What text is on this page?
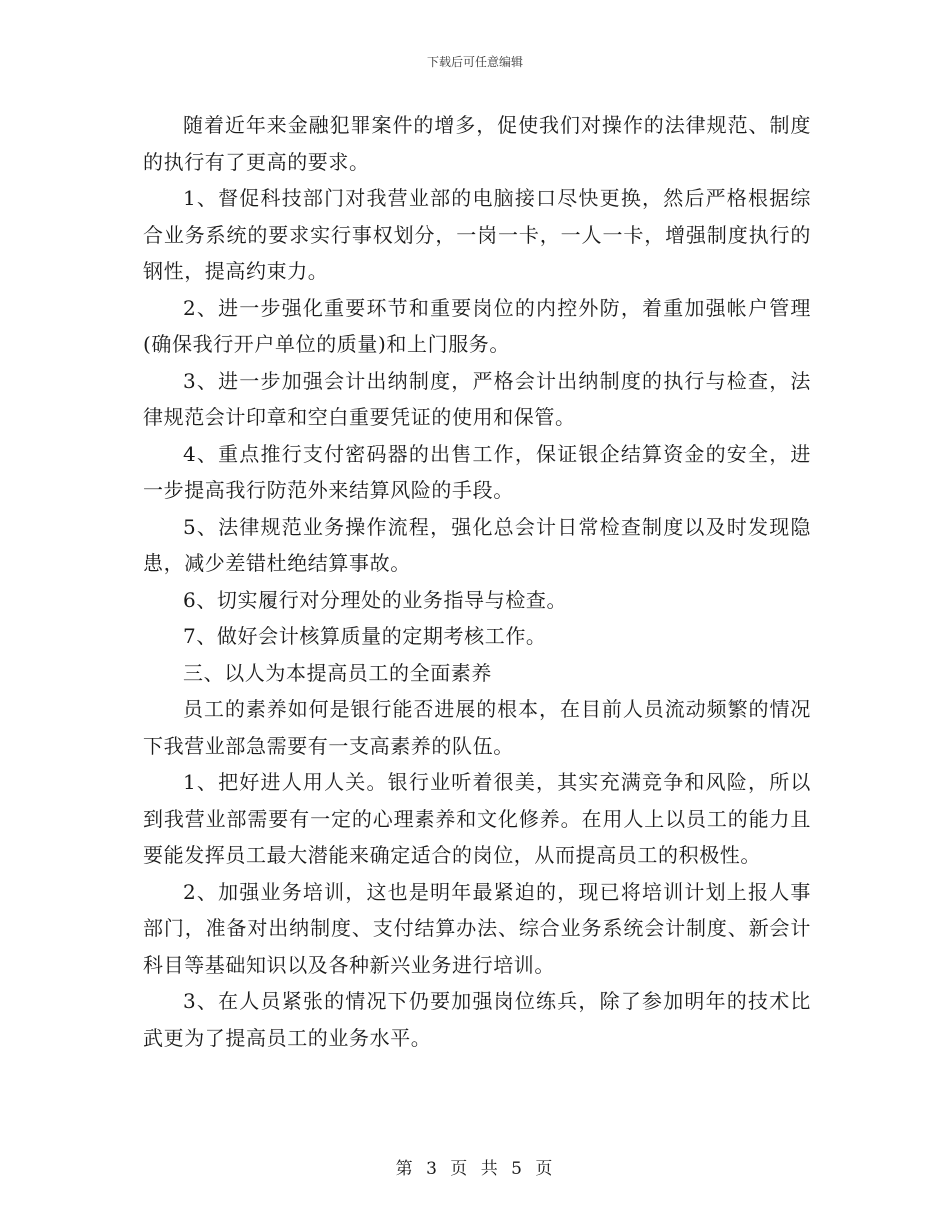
下载后可任意编辑

随着近年来金融犯罪案件的增多，促使我们对操作的法律规范、制度的执行有了更高的要求。

1、督促科技部门对我营业部的电脑接口尽快更换，然后严格根据综合业务系统的要求实行事权划分，一岗一卡，一人一卡，增强制度执行的钢性，提高约束力。

2、进一步强化重要环节和重要岗位的内控外防，着重加强帐户管理(确保我行开户单位的质量)和上门服务。

3、进一步加强会计出纳制度，严格会计出纳制度的执行与检查，法律规范会计印章和空白重要凭证的使用和保管。

4、重点推行支付密码器的出售工作，保证银企结算资金的安全，进一步提高我行防范外来结算风险的手段。

5、法律规范业务操作流程，强化总会计日常检查制度以及时发现隐患，减少差错杜绝结算事故。

6、切实履行对分理处的业务指导与检查。

7、做好会计核算质量的定期考核工作。

三、以人为本提高员工的全面素养

员工的素养如何是银行能否进展的根本，在目前人员流动频繁的情况下我营业部急需要有一支高素养的队伍。

1、把好进人用人关。银行业听着很美，其实充满竞争和风险，所以到我营业部需要有一定的心理素养和文化修养。在用人上以员工的能力且要能发挥员工最大潜能来确定适合的岗位，从而提高员工的积极性。

2、加强业务培训，这也是明年最紧迫的，现已将培训计划上报人事部门，准备对出纳制度、支付结算办法、综合业务系统会计制度、新会计科目等基础知识以及各种新兴业务进行培训。

3、在人员紧张的情况下仍要加强岗位练兵，除了参加明年的技术比武更为了提高员工的业务水平。

第 3 页 共 5 页
